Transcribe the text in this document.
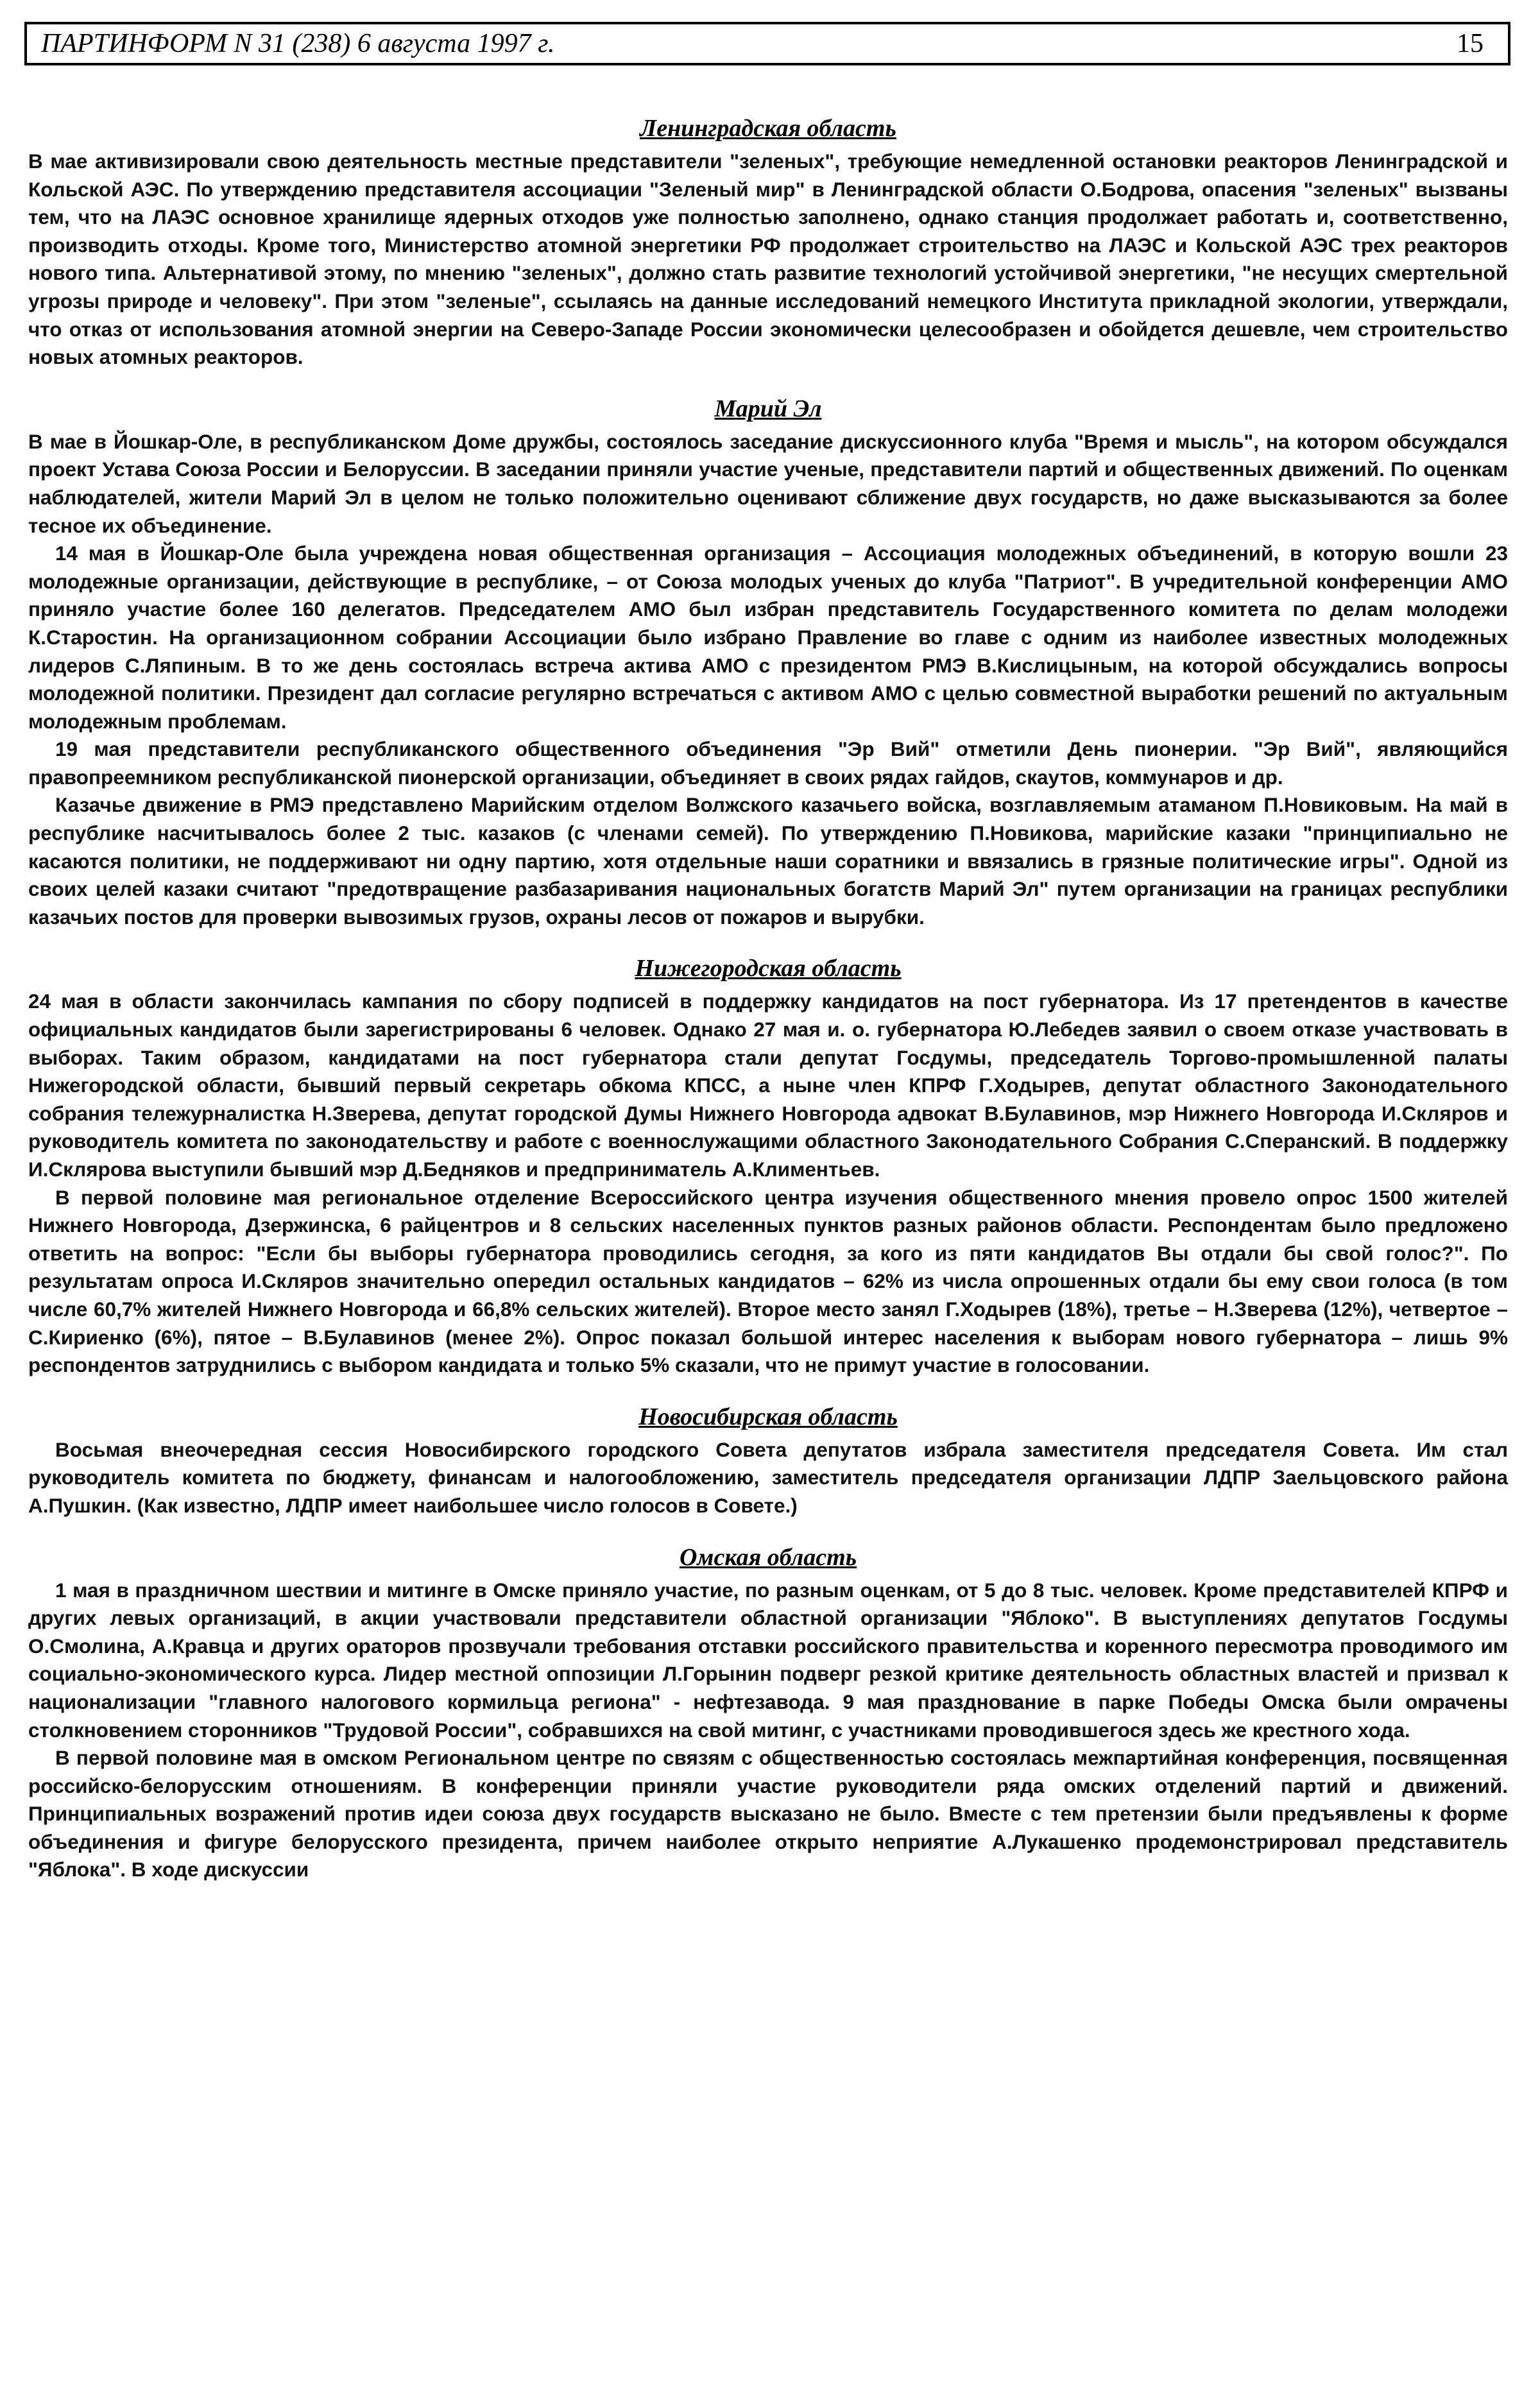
ПАРТИНФОРМ N 31 (238) 6 августа 1997 г.	15
Ленинградская область

В мае активизировали свою деятельность местные представители "зеленых", требующие немедленной остановки реакторов Ленинградской и Кольской АЭС. По утверждению представителя ассоциации "Зеленый мир" в Ленинградской области О.Бодрова, опасения "зеленых" вызваны тем, что на ЛАЭС основное хранилище ядерных отходов уже полностью заполнено, однако станция продолжает работать и, соответственно, производить отходы. Кроме того, Министерство атомной энергетики РФ продолжает строительство на ЛАЭС и Кольской АЭС трех реакторов нового типа. Альтернативой этому, по мнению "зеленых", должно стать развитие технологий устойчивой энергетики, "не несущих смертельной угрозы природе и человеку". При этом "зеленые", ссылаясь на данные исследований немецкого Института прикладной экологии, утверждали, что отказ от использования атомной энергии на Северо-Западе России экономически целесообразен и обойдется дешевле, чем строительство новых атомных реакторов.

Марий Эл

В мае в Йошкар-Оле, в республиканском Доме дружбы, состоялось заседание дискуссионного клуба "Время и мысль", на котором обсуждался проект Устава Союза России и Белоруссии. В заседании приняли участие ученые, представители партий и общественных движений. По оценкам наблюдателей, жители Марий Эл в целом не только положительно оценивают сближение двух государств, но даже высказываются за более тесное их объединение.

14 мая в Йошкар-Оле была учреждена новая общественная организация – Ассоциация молодежных объединений, в которую вошли 23 молодежные организации, действующие в республике, – от Союза молодых ученых до клуба "Патриот". В учредительной конференции АМО приняло участие более 160 делегатов. Председателем АМО был избран представитель Государственного комитета по делам молодежи К.Старостин. На организационном собрании Ассоциации было избрано Правление во главе с одним из наиболее известных молодежных лидеров С.Ляпиным. В то же день состоялась встреча актива АМО с президентом РМЭ В.Кислицыным, на которой обсуждались вопросы молодежной политики. Президент дал согласие регулярно встречаться с активом АМО с целью совместной выработки решений по актуальным молодежным проблемам.

19 мая представители республиканского общественного объединения "Эр Вий" отметили День пионерии. "Эр Вий", являющийся правопреемником республиканской пионерской организации, объединяет в своих рядах гайдов, скаутов, коммунаров и др.

Казачье движение в РМЭ представлено Марийским отделом Волжского казачьего войска, возглавляемым атаманом П.Новиковым. На май в республике насчитывалось более 2 тыс. казаков (с членами семей). По утверждению П.Новикова, марийские казаки "принципиально не касаются политики, не поддерживают ни одну партию, хотя отдельные наши соратники и ввязались в грязные политические игры". Одной из своих целей казаки считают "предотвращение разбазаривания национальных богатств Марий Эл" путем организации на границах республики казачьих постов для проверки вывозимых грузов, охраны лесов от пожаров и вырубки.

Нижегородская область

24 мая в области закончилась кампания по сбору подписей в поддержку кандидатов на пост губернатора. Из 17 претендентов в качестве официальных кандидатов были зарегистрированы 6 человек. Однако 27 мая и. о. губернатора Ю.Лебедев заявил о своем отказе участвовать в выборах. Таким образом, кандидатами на пост губернатора стали депутат Госдумы, председатель Торгово-промышленной палаты Нижегородской области, бывший первый секретарь обкома КПСС, а ныне член КПРФ Г.Ходырев, депутат областного Законодательного собрания тележурналистка Н.Зверева, депутат городской Думы Нижнего Новгорода адвокат В.Булавинов, мэр Нижнего Новгорода И.Скляров и руководитель комитета по законодательству и работе с военнослужащими областного Законодательного Собрания С.Сперанский. В поддержку И.Склярова выступили бывший мэр Д.Бедняков и предприниматель А.Климентьев.

В первой половине мая региональное отделение Всероссийского центра изучения общественного мнения провело опрос 1500 жителей Нижнего Новгорода, Дзержинска, 6 райцентров и 8 сельских населенных пунктов разных районов области. Респондентам было предложено ответить на вопрос: "Если бы выборы губернатора проводились сегодня, за кого из пяти кандидатов Вы отдали бы свой голос?". По результатам опроса И.Скляров значительно опередил остальных кандидатов – 62% из числа опрошенных отдали бы ему свои голоса (в том числе 60,7% жителей Нижнего Новгорода и 66,8% сельских жителей). Второе место занял Г.Ходырев (18%), третье – Н.Зверева (12%), четвертое – С.Кириенко (6%), пятое – В.Булавинов (менее 2%). Опрос показал большой интерес населения к выборам нового губернатора – лишь 9% респондентов затруднились с выбором кандидата и только 5% сказали, что не примут участие в голосовании.

Новосибирская область

Восьмая внеочередная сессия Новосибирского городского Совета депутатов избрала заместителя председателя Совета. Им стал руководитель комитета по бюджету, финансам и налогообложению, заместитель председателя организации ЛДПР Заельцовского района А.Пушкин. (Как известно, ЛДПР имеет наибольшее число голосов в Совете.)

Омская область

1 мая в праздничном шествии и митинге в Омске приняло участие, по разным оценкам, от 5 до 8 тыс. человек. Кроме представителей КПРФ и других левых организаций, в акции участвовали представители областной организации "Яблоко". В выступлениях депутатов Госдумы О.Смолина, А.Кравца и других ораторов прозвучали требования отставки российского правительства и коренного пересмотра проводимого им социально-экономического курса. Лидер местной оппозиции Л.Горынин подверг резкой критике деятельность областных властей и призвал к национализации "главного налогового кормильца региона" - нефтезавода. 9 мая празднование в парке Победы Омска были омрачены столкновением сторонников "Трудовой России", собравшихся на свой митинг, с участниками проводившегося здесь же крестного хода.

В первой половине мая в омском Региональном центре по связям с общественностью состоялась межпартийная конференция, посвященная российско-белорусским отношениям. В конференции приняли участие руководители ряда омских отделений партий и движений. Принципиальных возражений против идеи союза двух государств высказано не было. Вместе с тем претензии были предъявлены к форме объединения и фигуре белорусского президента, причем наиболее открыто неприятие А.Лукашенко продемонстрировал представитель "Яблока". В ходе дискуссии
